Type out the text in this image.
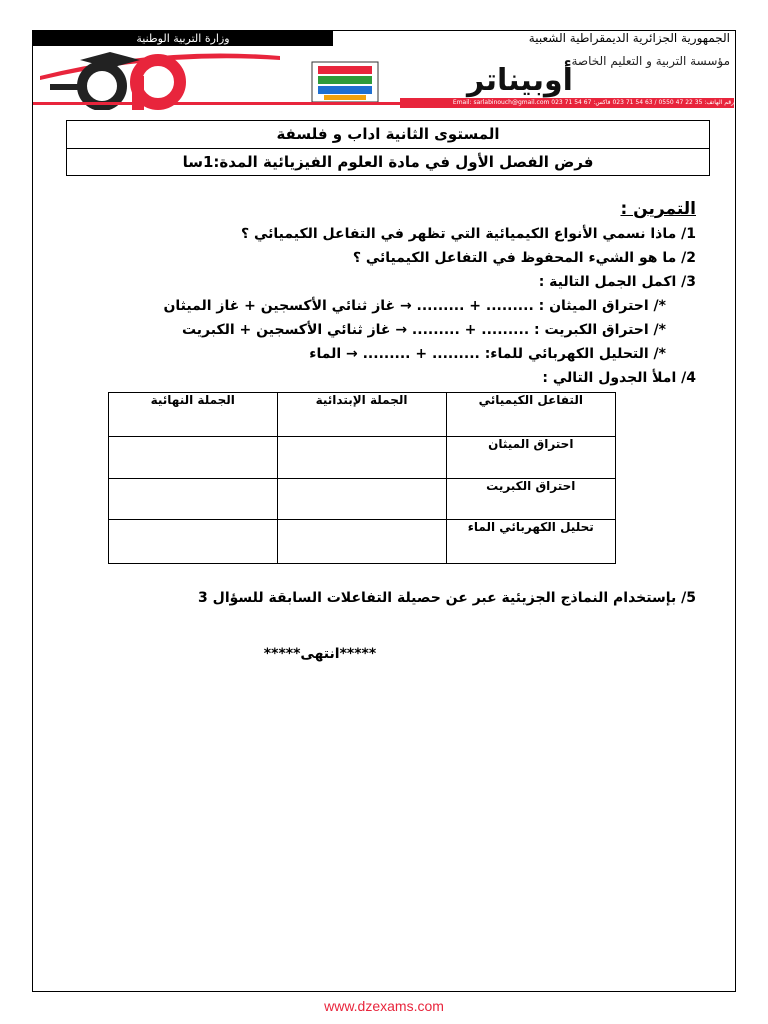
وزارة التربية الوطنية	الجمهورية الجزائرية الديمقراطية الشعبية
مؤسسة التربية و التعليم الخاصة
أوبيناتر
رقم الهاتف: 35 22 47 0550 / 63 54 71 023 فاكس: 67 54 71 023 Email: sarlabinouch@gmail.com
المستوى الثانية اداب و فلسفة
فرض الفصل الأول في مادة العلوم الفيزيائية المدة:1سا
التمرين :
1/ ماذا نسمي الأنواع الكيميائية التي تظهر في التفاعل الكيميائي ؟
2/ ما هو الشيء المحفوظ في التفاعل الكيميائي ؟
3/ اكمل الجمل التالية :
*/ احتراق الميثان : ......... + ......... → غاز ثنائي الأكسجين + غاز الميثان
*/ احتراق الكبريت : ......... + ......... → غاز ثنائي الأكسجين + الكبريت
*/ التحليل الكهربائي للماء: ......... + ......... → الماء
4/ املأ الجدول التالي :
التفاعل الكيميائي	الجملة الإبتدائية	الجملة النهائية
احتراق الميثان		
احتراق الكبريت		
تحليل الكهربائي الماء		
5/ بإستخدام النماذج الجزيئية عبر عن حصيلة التفاعلات السابقة للسؤال 3
*****انتهى*****
www.dzexams.com
